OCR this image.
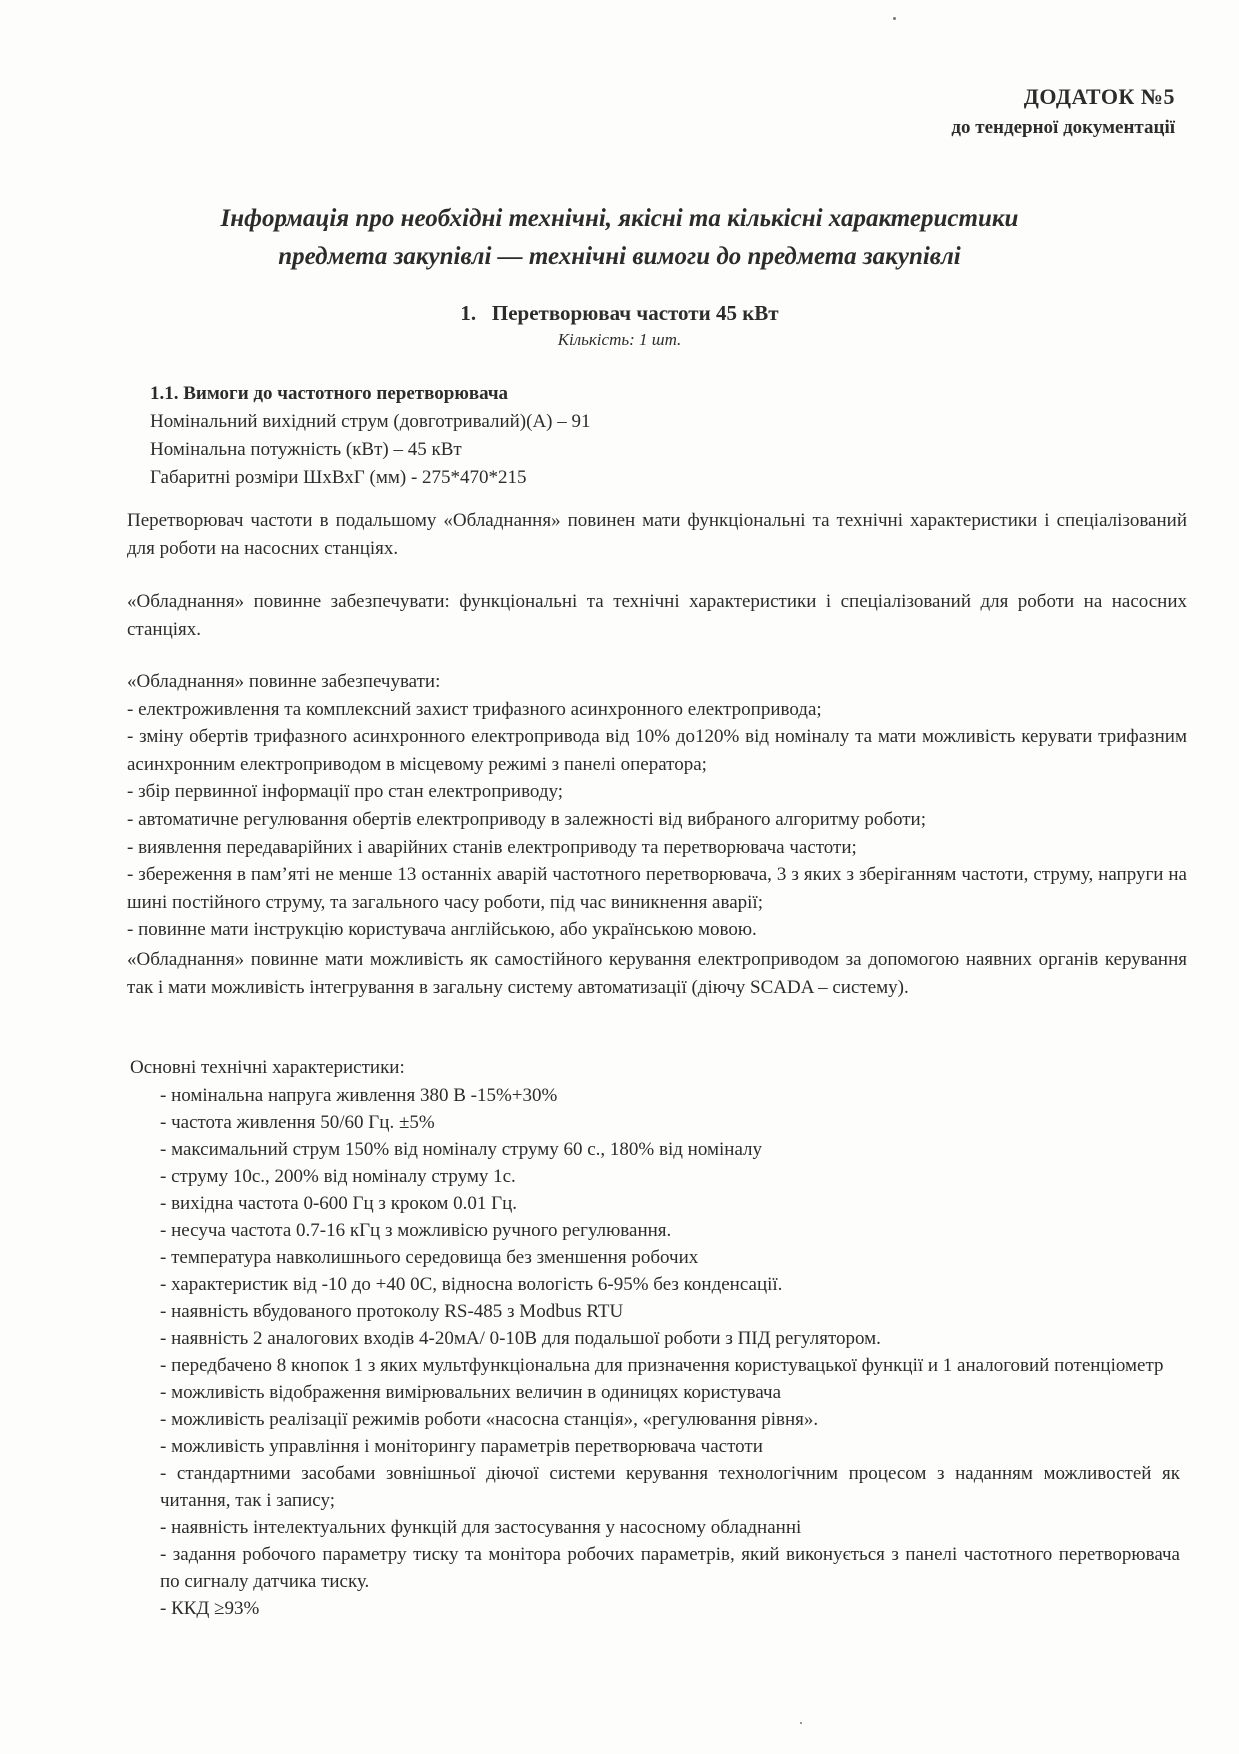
ДОДАТОК №5
до тендерної документації
Інформація про необхідні технічні, якісні та кількісні характеристики
предмета закупівлі — технічні вимоги до предмета закупівлі
1.   Перетворювач частоти 45 кВт
Кількість: 1 шт.
1.1. Вимоги до частотного перетворювача
Номінальний вихідний струм (довготривалий)(А) – 91
Номінальна потужність (кВт) – 45 кВт
Габаритні розміри ШхВхГ (мм) - 275*470*215
Перетворювач частоти в подальшому «Обладнання» повинен мати функціональні та технічні характеристики і спеціалізований для роботи на насосних станціях.
«Обладнання» повинне забезпечувати: функціональні та технічні характеристики і спеціалізований для роботи на насосних станціях.
«Обладнання» повинне забезпечувати:
- електроживлення та комплексний захист трифазного асинхронного електропривода;
- зміну обертів трифазного асинхронного електропривода від 10% до120% від номіналу та мати можливість керувати трифазним асинхронним електроприводом в місцевому режимі з панелі оператора;
- збір первинної інформації про стан електроприводу;
- автоматичне регулювання обертів електроприводу в залежності від вибраного алгоритму роботи;
- виявлення передаварійних і аварійних станів електроприводу та перетворювача частоти;
- збереження в пам’яті не менше 13 останніх аварій частотного перетворювача, 3 з яких з зберіганням частоти, струму, напруги на шині постійного струму, та загального часу роботи, під час виникнення аварії;
- повинне мати інструкцію користувача англійською, або українською мовою.
«Обладнання» повинне мати можливість як самостійного керування електроприводом за допомогою наявних органів керування так і мати можливість інтегрування в загальну систему автоматизації (діючу SCADA – систему).
Основні технічні характеристики:
- номінальна напруга живлення 380 В -15%+30%
- частота живлення 50/60 Гц. ±5%
- максимальний струм 150% від номіналу струму 60 с., 180% від номіналу
- струму 10с., 200% від номіналу струму 1с.
- вихідна частота 0-600 Гц з кроком 0.01 Гц.
- несуча частота 0.7-16 кГц з можливісю ручного регулювання.
- температура навколишнього середовища без зменшення робочих
- характеристик від -10 до +40 0С, відносна вологість 6-95% без конденсації.
- наявність вбудованого протоколу RS-485 з Modbus RTU
- наявність 2 аналогових входів 4-20мА/ 0-10В для подальшої роботи з ПІД регулятором.
- передбачено 8 кнопок 1 з яких мультфункціональна для призначення користувацької функції и 1 аналоговий потенціометр
- можливість відображення вимірювальних величин в одиницях користувача
- можливість реалізації режимів роботи «насосна станція», «регулювання рівня».
- можливість управління і моніторингу параметрів перетворювача частоти
- стандартними засобами зовнішньої діючої системи керування технологічним процесом з наданням можливостей як читання, так і запису;
- наявність інтелектуальних функцій для застосування у насосному обладнанні
- задання робочого параметру тиску та монітора робочих параметрів, який виконується з панелі частотного перетворювача по сигналу датчика тиску.
- ККД ≥93%
